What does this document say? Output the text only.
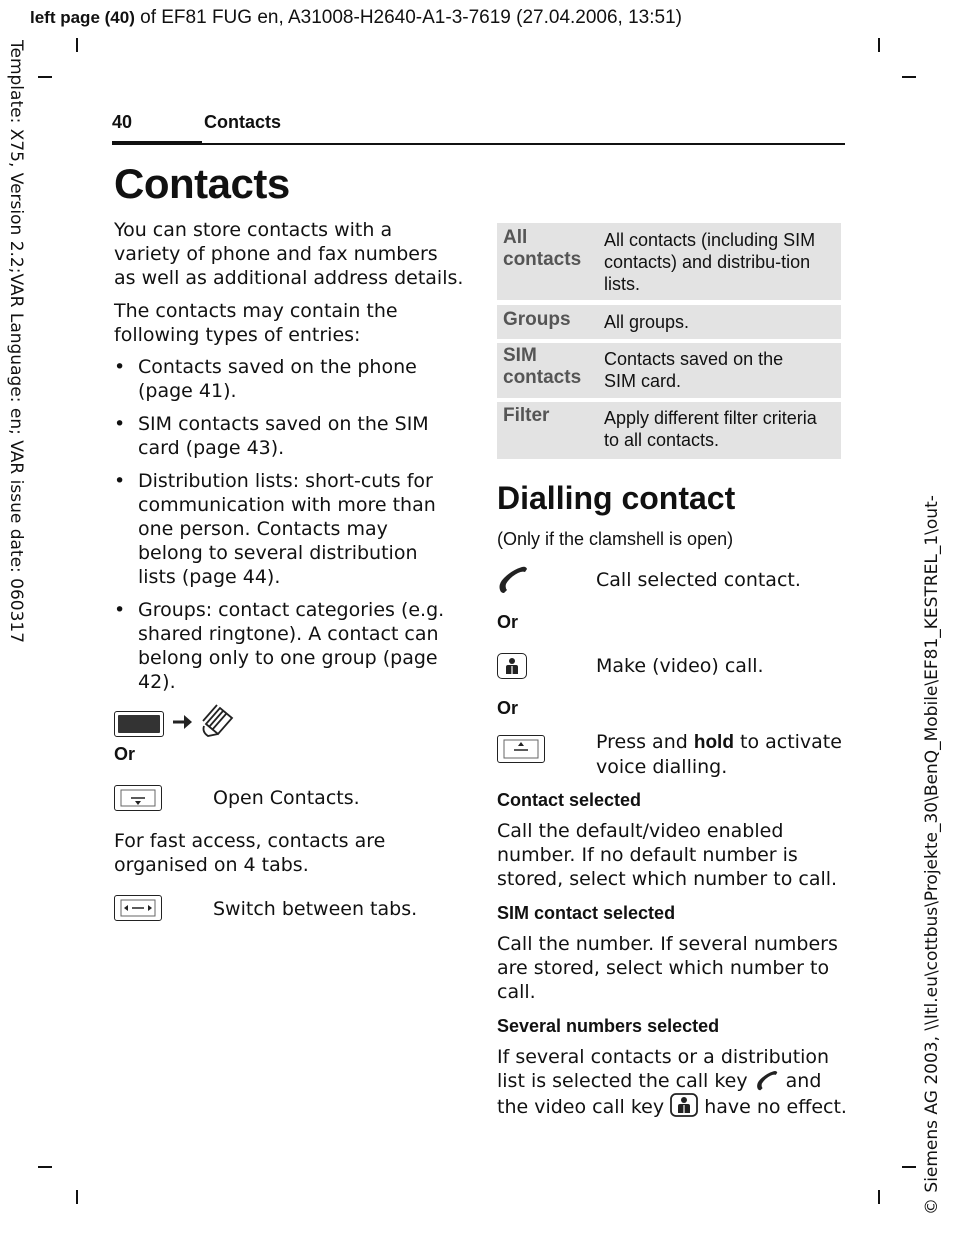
left page (40) of EF81 FUG en, A31008-H2640-A1-3-7619 (27.04.2006, 13:51)
Template: X75, Version 2.2;VAR Language: en; VAR issue date: 060317
© Siemens AG 2003, \\Itl.eu\cottbus\Projekte_30\BenQ_Mobile\EF81_KESTREL_1\out-
40	Contacts
Contacts
You can store contacts with a variety of phone and fax numbers as well as additional address details.
The contacts may contain the following types of entries:
• Contacts saved on the phone (page 41).
• SIM contacts saved on the SIM card (page 43).
• Distribution lists: short-cuts for communication with more than one person. Contacts may belong to several distribution lists (page 44).
• Groups: contact categories (e.g. shared ringtone). A contact can belong only to one group (page 42).
Or
Open Contacts.
For fast access, contacts are organised on 4 tabs.
Switch between tabs.
All contacts
All contacts (including SIM contacts) and distribu-tion lists.
Groups All groups.
SIM contacts
Contacts saved on the SIM card.
Filter	Apply different filter criteria to all contacts.
Dialling contact
(Only if the clamshell is open)
Call selected contact.
Or
Make (video) call.
Or
Press and hold to activate voice dialling.
Contact selected
Call the default/video enabled number. If no default number is stored, select which number to call.
SIM contact selected
Call the number. If several numbers are stored, select which number to call.
Several numbers selected
If several contacts or a distribution list is selected the call key  and the video call key  have no effect.
